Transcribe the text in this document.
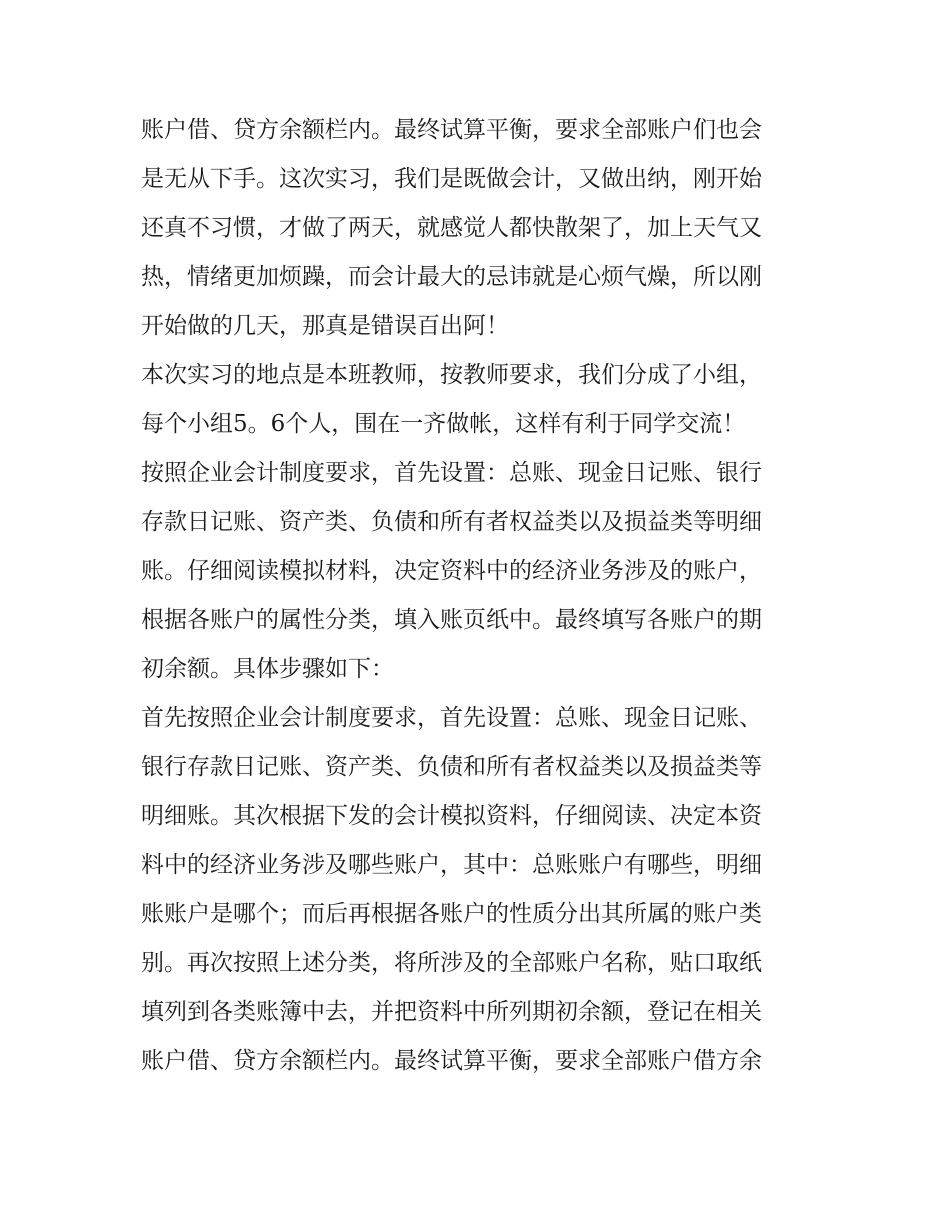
账户借、贷方余额栏内。最终试算平衡，要求全部账户们也会
是无从下手。这次实习，我们是既做会计，又做出纳，刚开始
还真不习惯，才做了两天，就感觉人都快散架了，加上天气又
热，情绪更加烦躁，而会计最大的忌讳就是心烦气燥，所以刚
开始做的几天，那真是错误百出阿！
本次实习的地点是本班教师，按教师要求，我们分成了小组，
每个小组5。6个人，围在一齐做帐，这样有利于同学交流！
按照企业会计制度要求，首先设置：总账、现金日记账、银行
存款日记账、资产类、负债和所有者权益类以及损益类等明细
账。仔细阅读模拟材料，决定资料中的经济业务涉及的账户，
根据各账户的属性分类，填入账页纸中。最终填写各账户的期
初余额。具体步骤如下：
首先按照企业会计制度要求，首先设置：总账、现金日记账、
银行存款日记账、资产类、负债和所有者权益类以及损益类等
明细账。其次根据下发的会计模拟资料，仔细阅读、决定本资
料中的经济业务涉及哪些账户，其中：总账账户有哪些，明细
账账户是哪个；而后再根据各账户的性质分出其所属的账户类
别。再次按照上述分类，将所涉及的全部账户名称，贴口取纸
填列到各类账簿中去，并把资料中所列期初余额，登记在相关
账户借、贷方余额栏内。最终试算平衡，要求全部账户借方余
